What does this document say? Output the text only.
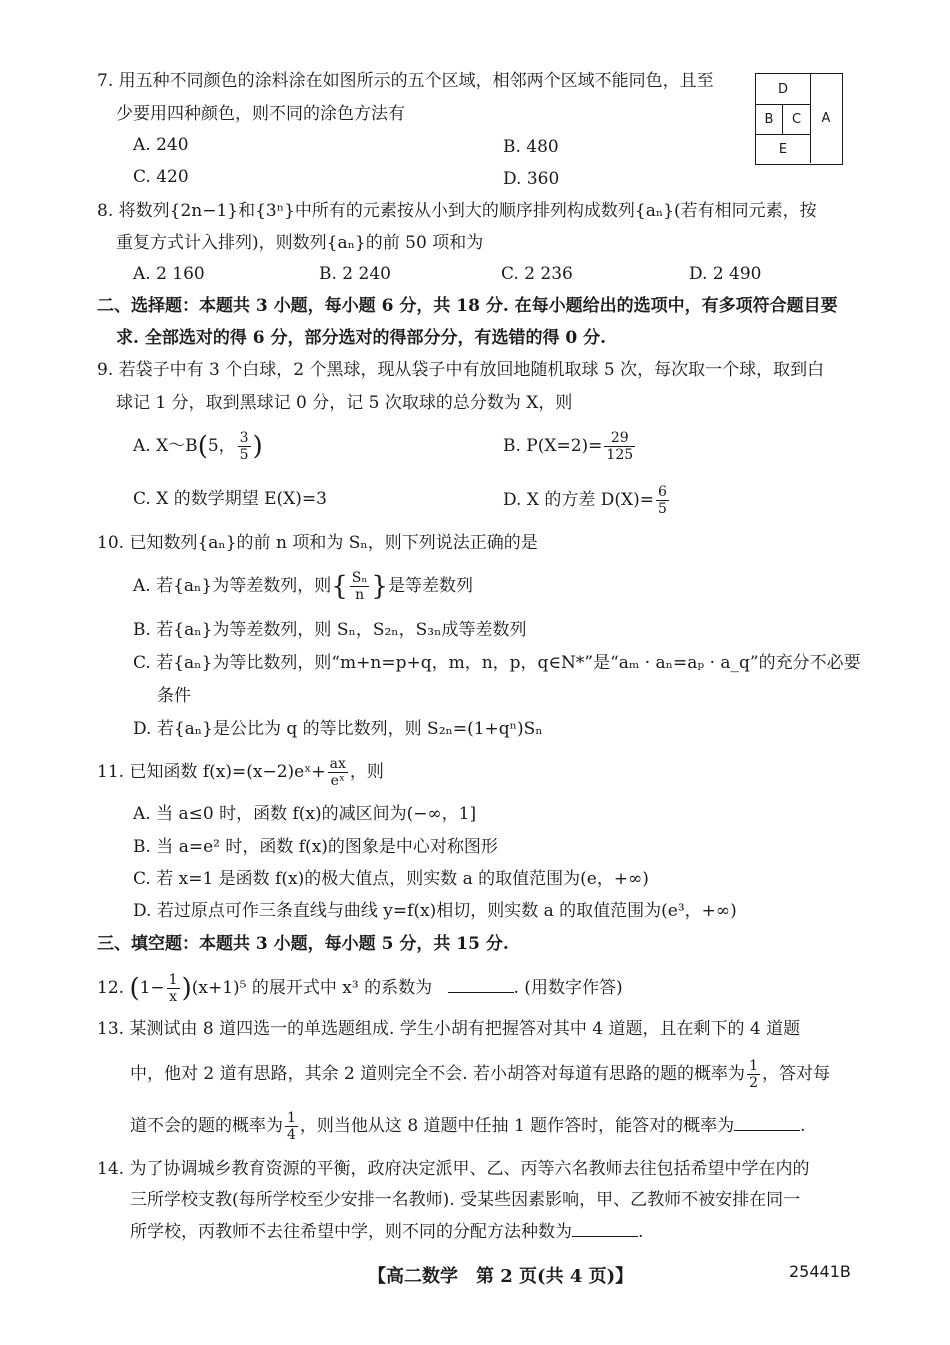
7. 用五种不同颜色的涂料涂在如图所示的五个区域，相邻两个区域不能同色，且至
少要用四种颜色，则不同的涂色方法有
A. 240	B. 480
C. 420	D. 360
D
B	C
E
A
8. 将数列{2n−1}和{3ⁿ}中所有的元素按从小到大的顺序排列构成数列{aₙ}(若有相同元素，按
重复方式计入排列)，则数列{aₙ}的前 50 项和为
A. 2 160	B. 2 240	C. 2 236	D. 2 490
二、选择题：本题共 3 小题，每小题 6 分，共 18 分. 在每小题给出的选项中，有多项符合题目要
求. 全部选对的得 6 分，部分选对的得部分分，有选错的得 0 分.
9. 若袋子中有 3 个白球，2 个黑球，现从袋子中有放回地随机取球 5 次，每次取一个球，取到白
球记 1 分，取到黑球记 0 分，记 5 次取球的总分数为 X，则
A. X～B(5， $\frac{3}{5}$ )	B. $P(X=2)= \frac{29}{125}$
C. X 的数学期望 E(X)=3	D. X 的方差 $D(X)= \frac{6}{5}$
10. 已知数列{aₙ}的前 n 项和为 Sₙ，则下列说法正确的是
A. 若{aₙ}为等差数列，则{ $\frac{\text{Sₙ}}{n}$ }是等差数列
B. 若{aₙ}为等差数列，则 Sₙ，S₂ₙ，S₃ₙ成等差数列
C. 若{aₙ}为等比数列，则“m+n=p+q，m，n，p，q∈N*”是“aₘ · aₙ=aₚ · a_q”的充分不必要
条件
D. 若{aₙ}是公比为 q 的等比数列，则 S₂ₙ=(1+qⁿ)Sₙ
11. 已知函数 f(x)=(x−2)eˣ+ $\frac{ax}{\text{eˣ}}$ ，则
A. 当 a≤0 时，函数 f(x)的减区间为(−∞，1]
B. 当 a=e² 时，函数 f(x)的图象是中心对称图形
C. 若 x=1 是函数 f(x)的极大值点，则实数 a 的取值范围为(e，+∞)
D. 若过原点可作三条直线与曲线 y=f(x)相切，则实数 a 的取值范围为(e³，+∞)
三、填空题：本题共 3 小题，每小题 5 分，共 15 分.
12. $(1- \frac{1}{x} )(x+1)^5$ 的展开式中 x³ 的系数为	. (用数字作答)
13. 某测试由 8 道四选一的单选题组成. 学生小胡有把握答对其中 4 道题，且在剩下的 4 道题
中，他对 2 道有思路，其余 2 道则完全不会. 若小胡答对每道有思路的题的概率为 $\frac{1}{2}$ ，答对每
道不会的题的概率为 $\frac{1}{4}$ ，则当他从这 8 道题中任抽 1 题作答时，能答对的概率为	.
14. 为了协调城乡教育资源的平衡，政府决定派甲、乙、丙等六名教师去往包括希望中学在内的
三所学校支教(每所学校至少安排一名教师). 受某些因素影响，甲、乙教师不被安排在同一
所学校，丙教师不去往希望中学，则不同的分配方法种数为	.
【高二数学　第 2 页(共 4 页)】	25441B
